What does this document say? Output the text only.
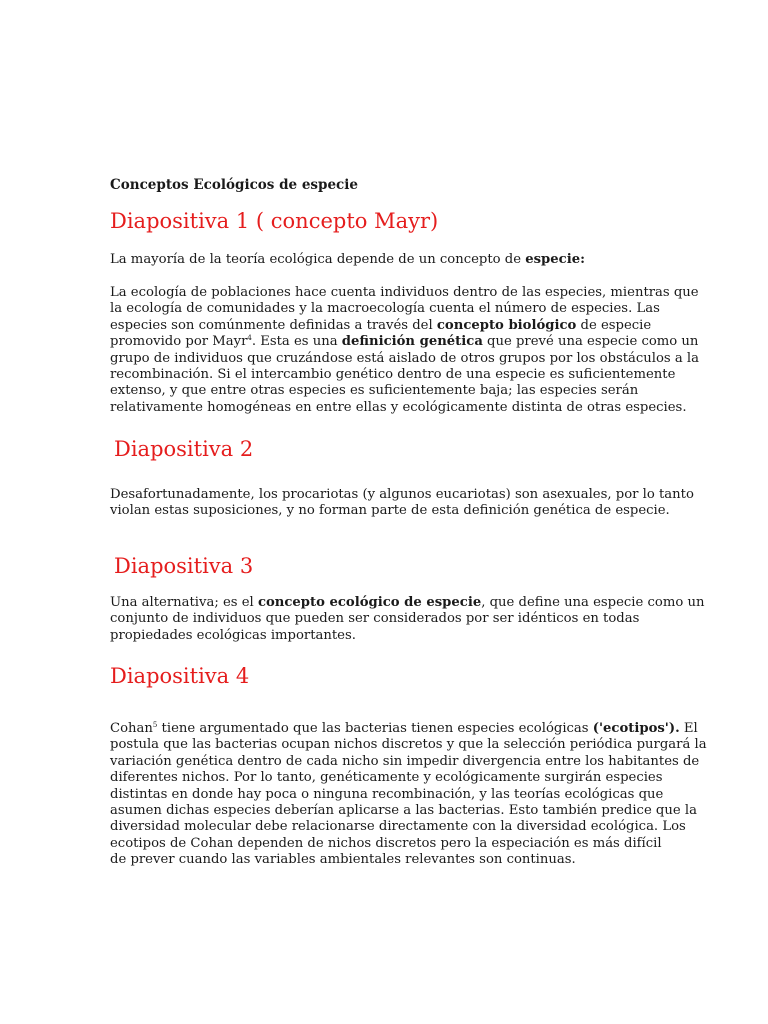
Conceptos Ecológicos de especie
Diapositiva 1 ( concepto Mayr)
La mayoría de la teoría ecológica depende de un concepto de especie:
La ecología de poblaciones hace cuenta individuos dentro de las especies, mientras que
la ecología de comunidades y la macroecología cuenta el número de especies. Las
especies son comúnmente definidas a través del concepto biológico de especie
promovido por Mayr$^4$. Esta es una definición genética que prevé una especie como un
grupo de individuos que cruzándose está aislado de otros grupos por los obstáculos a la
recombinación. Si el intercambio genético dentro de una especie es suficientemente
extenso, y que entre otras especies es suficientemente baja; las especies serán
relativamente homogéneas en entre ellas y ecológicamente distinta de otras especies.
Diapositiva 2
Desafortunadamente, los procariotas (y algunos eucariotas) son asexuales, por lo tanto
violan estas suposiciones, y no forman parte de esta definición genética de especie.
Diapositiva 3
Una alternativa; es el concepto ecológico de especie, que define una especie como un
conjunto de individuos que pueden ser considerados por ser idénticos en todas
propiedades ecológicas importantes.
Diapositiva 4
Cohan$^5$ tiene argumentado que las bacterias tienen especies ecológicas ('ecotipos'). El
postula que las bacterias ocupan nichos discretos y que la selección periódica purgará la
variación genética dentro de cada nicho sin impedir divergencia entre los habitantes de
diferentes nichos. Por lo tanto, genéticamente y ecológicamente surgirán especies
distintas en donde hay poca o ninguna recombinación, y las teorías ecológicas que
asumen dichas especies deberían aplicarse a las bacterias. Esto también predice que la
diversidad molecular debe relacionarse directamente con la diversidad ecológica. Los
ecotipos de Cohan dependen de nichos discretos pero la especiación es más difícil
de prever cuando las variables ambientales relevantes son continuas.
